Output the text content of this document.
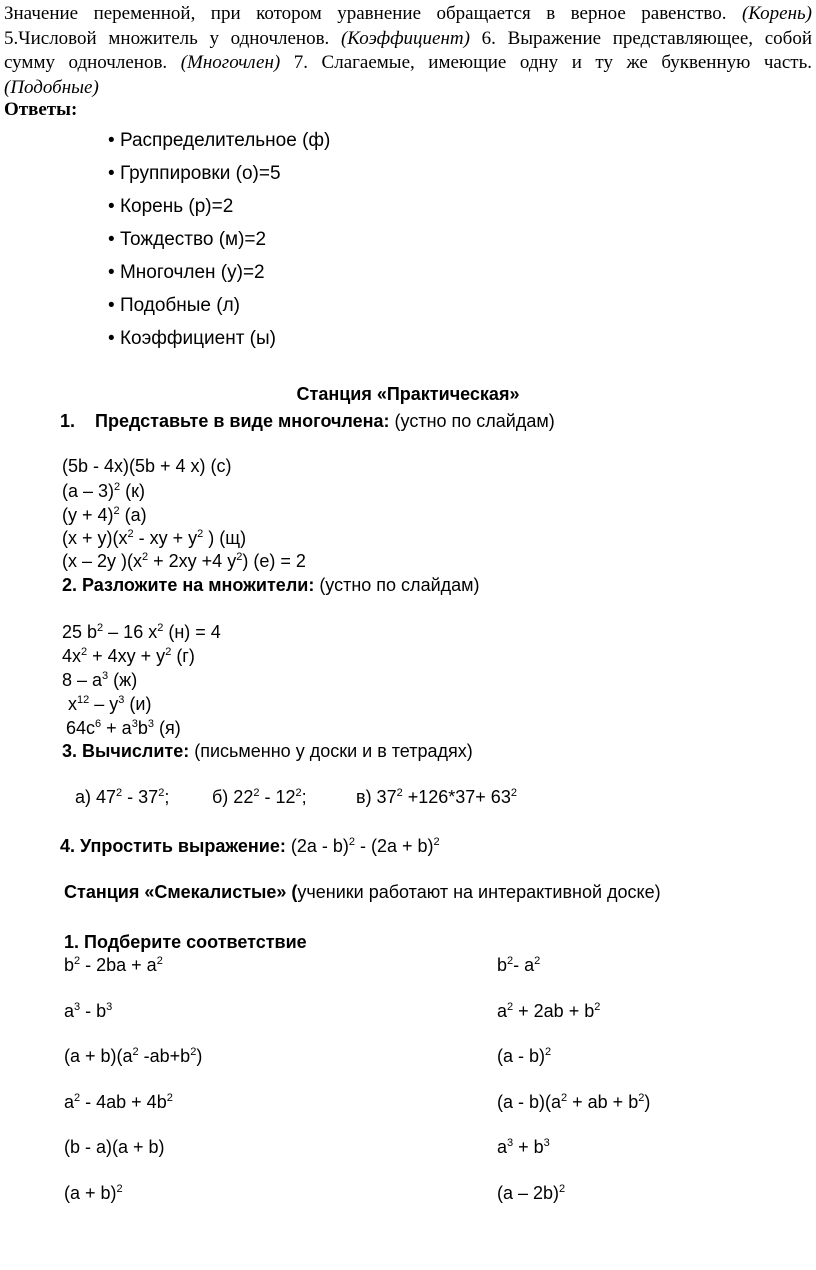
Значение переменной, при котором уравнение обращается в верное равенство. (Корень) 5.Числовой множитель у одночленов. (Коэффициент) 6. Выражение представляющее, собой сумму одночленов. (Многочлен) 7. Слагаемые, имеющие одну и ту же буквенную часть. (Подобные)
Ответы:
• Распределительное (ф)
• Группировки (о)=5
• Корень (р)=2
• Тождество (м)=2
• Многочлен (у)=2
• Подобные (л)
• Коэффициент (ы)
Станция «Практическая»
1. Представьте в виде многочлена: (устно по слайдам)
(5b - 4x)(5b + 4 x) (с)
(a – 3)$^2$ (к)
$(y + 4)^2$ (а)
$(x + y)(x^2$ - xy + $y^2$ ) (щ)
(x – 2y )($x^2 + 2xy +4$ $y^2$) (е) = 2
2. Разложите на множители: (устно по слайдам)
25 $b^2 - 16$ $x^2$ (н) = 4
$4x^2 + 4xy + y^2$ (г)
$8 - a^3$ (ж)
$x^{12} - y^3$ (и)
$64c^6 + a^3b^3$ (я)
3. Вычислите: (письменно у доски и в тетрадях)
а) $47^2 - 37^2$; б) $22^2 - 12^2$;	в) $37^2 +126*37+ 63^2$
4. Упростить выражение: $(2a - b)^2 - (2a + b)^2$
Станция «Смекалистые» (ученики работают на интерактивной доске)
1. Подберите соответствие
$b^2 - 2ba + a^2$	$b^2-$ $a^2$
$a^3 - b^3$	$a^2 + 2ab + b^2$
$(a + b)(a^2$ $-ab+b^2$)	(a - b)$^2$
$a^2 - 4ab + 4b^2$	$(a - b)(a^2$ + ab + $b^2$)
(b - a)(a + b)	$a^3 + b^3$
$(a + b)^2$	(a – 2b)$^2$
